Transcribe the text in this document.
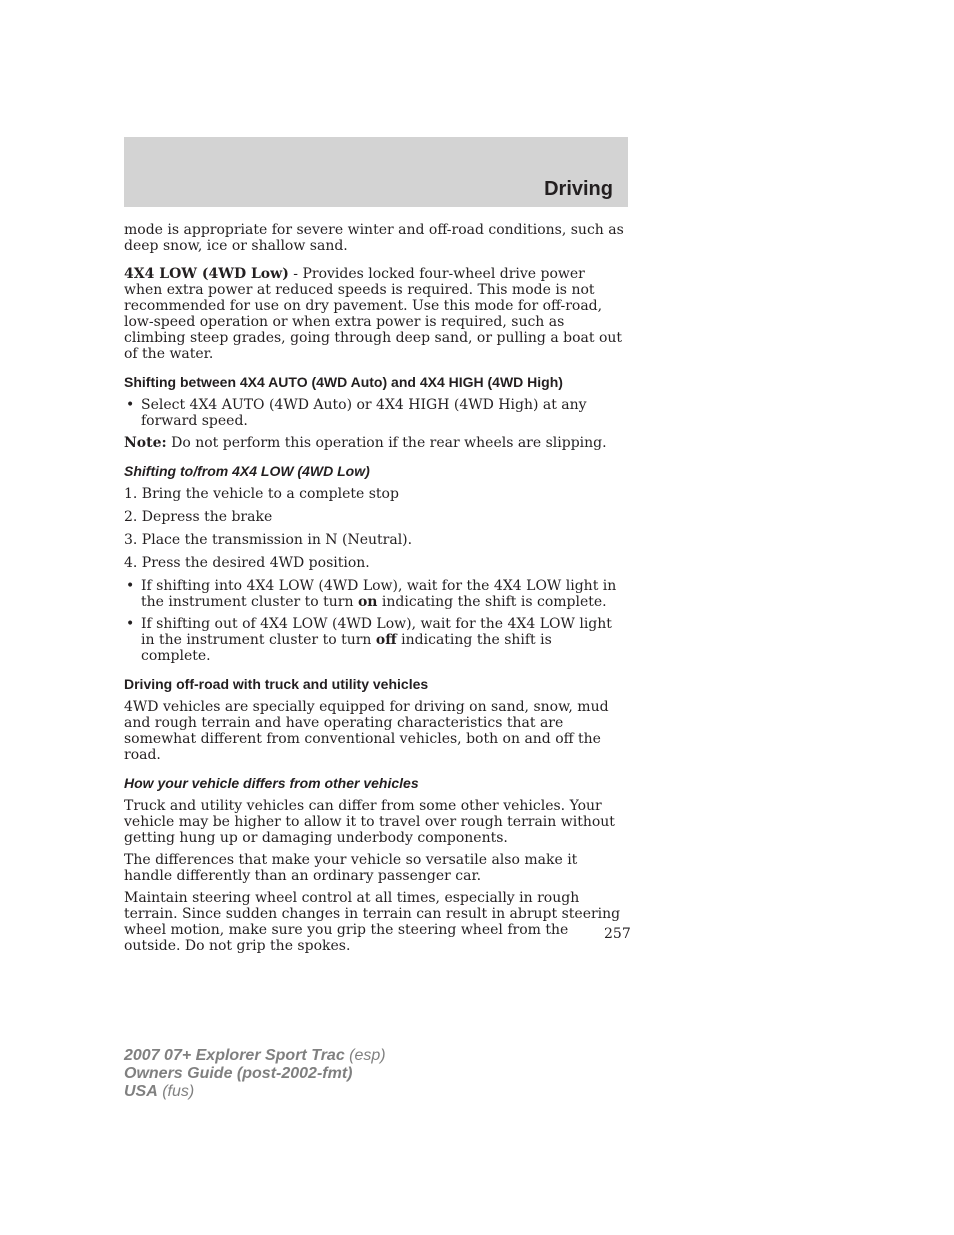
Driving

mode is appropriate for severe winter and off-road conditions, such as deep snow, ice or shallow sand.

4X4 LOW (4WD Low) - Provides locked four-wheel drive power when extra power at reduced speeds is required. This mode is not recommended for use on dry pavement. Use this mode for off-road, low-speed operation or when extra power is required, such as climbing steep grades, going through deep sand, or pulling a boat out of the water.

Shifting between 4X4 AUTO (4WD Auto) and 4X4 HIGH (4WD High)
• Select 4X4 AUTO (4WD Auto) or 4X4 HIGH (4WD High) at any forward speed.

Note: Do not perform this operation if the rear wheels are slipping.

Shifting to/from 4X4 LOW (4WD Low)
1. Bring the vehicle to a complete stop
2. Depress the brake
3. Place the transmission in N (Neutral).
4. Press the desired 4WD position.
• If shifting into 4X4 LOW (4WD Low), wait for the 4X4 LOW light in the instrument cluster to turn on indicating the shift is complete.
• If shifting out of 4X4 LOW (4WD Low), wait for the 4X4 LOW light in the instrument cluster to turn off indicating the shift is complete.
Driving off-road with truck and utility vehicles

4WD vehicles are specially equipped for driving on sand, snow, mud and rough terrain and have operating characteristics that are somewhat different from conventional vehicles, both on and off the road.

How your vehicle differs from other vehicles

Truck and utility vehicles can differ from some other vehicles. Your vehicle may be higher to allow it to travel over rough terrain without getting hung up or damaging underbody components.

The differences that make your vehicle so versatile also make it handle differently than an ordinary passenger car.

Maintain steering wheel control at all times, especially in rough terrain. Since sudden changes in terrain can result in abrupt steering wheel motion, make sure you grip the steering wheel from the outside. Do not grip the spokes.

257
2007 07+ Explorer Sport Trac (esp)
Owners Guide (post-2002-fmt)
USA (fus)
